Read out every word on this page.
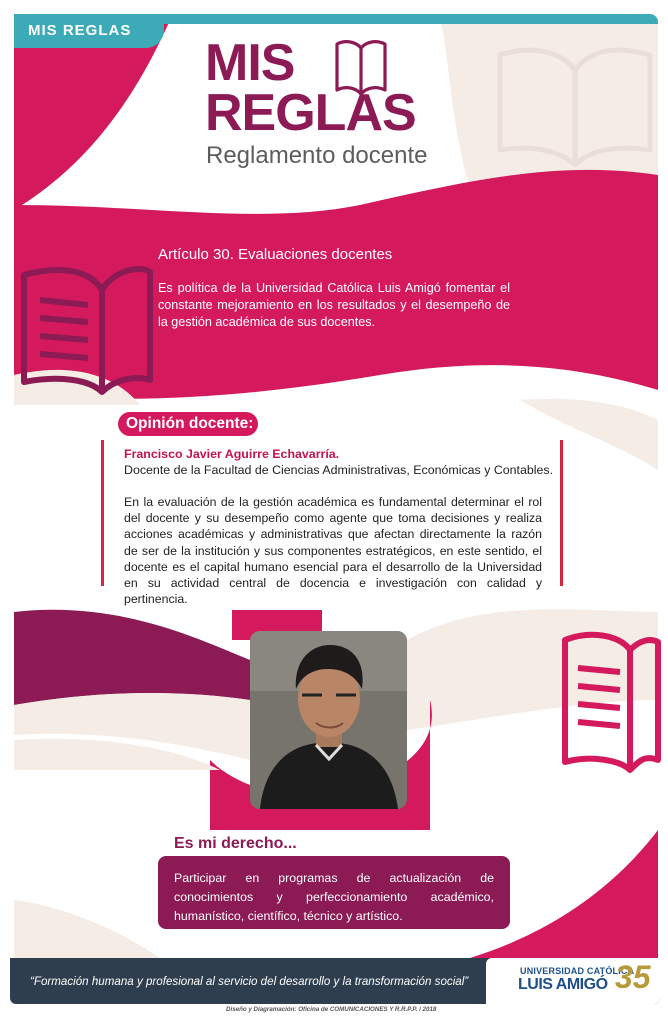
MIS REGLAS
MIS
REGLAS
Reglamento docente
Artículo 30. Evaluaciones docentes
Es política de la Universidad Católica Luis Amigó fomentar el constante mejoramiento en los resultados y el desempeño de la gestión académica de sus docentes.
Opinión docente:
Francisco Javier Aguirre Echavarría.
Docente de la Facultad de Ciencias Administrativas, Económicas y Contables.
En la evaluación de la gestión académica es fundamental determinar el rol del docente y su desempeño como agente que toma decisiones y realiza acciones académicas y administrativas que afectan directamente la razón de ser de la institución y sus componentes estratégicos, en este sentido, el docente es el capital humano esencial para el desarrollo de la Universidad en su actividad central de docencia e investigación con calidad y pertinencia.
Es mi derecho...
Participar en programas de actualización de conocimientos y perfeccionamiento académico, humanístico, científico, técnico y artístico.
“Formación humana y profesional al servicio del desarrollo y la transformación social”
UNIVERSIDAD CATÓLICA
LUIS AMIGÓ 35
Diseño y Diagramación: Oficina de COMUNICACIONES Y R.R.P.P. / 2018
